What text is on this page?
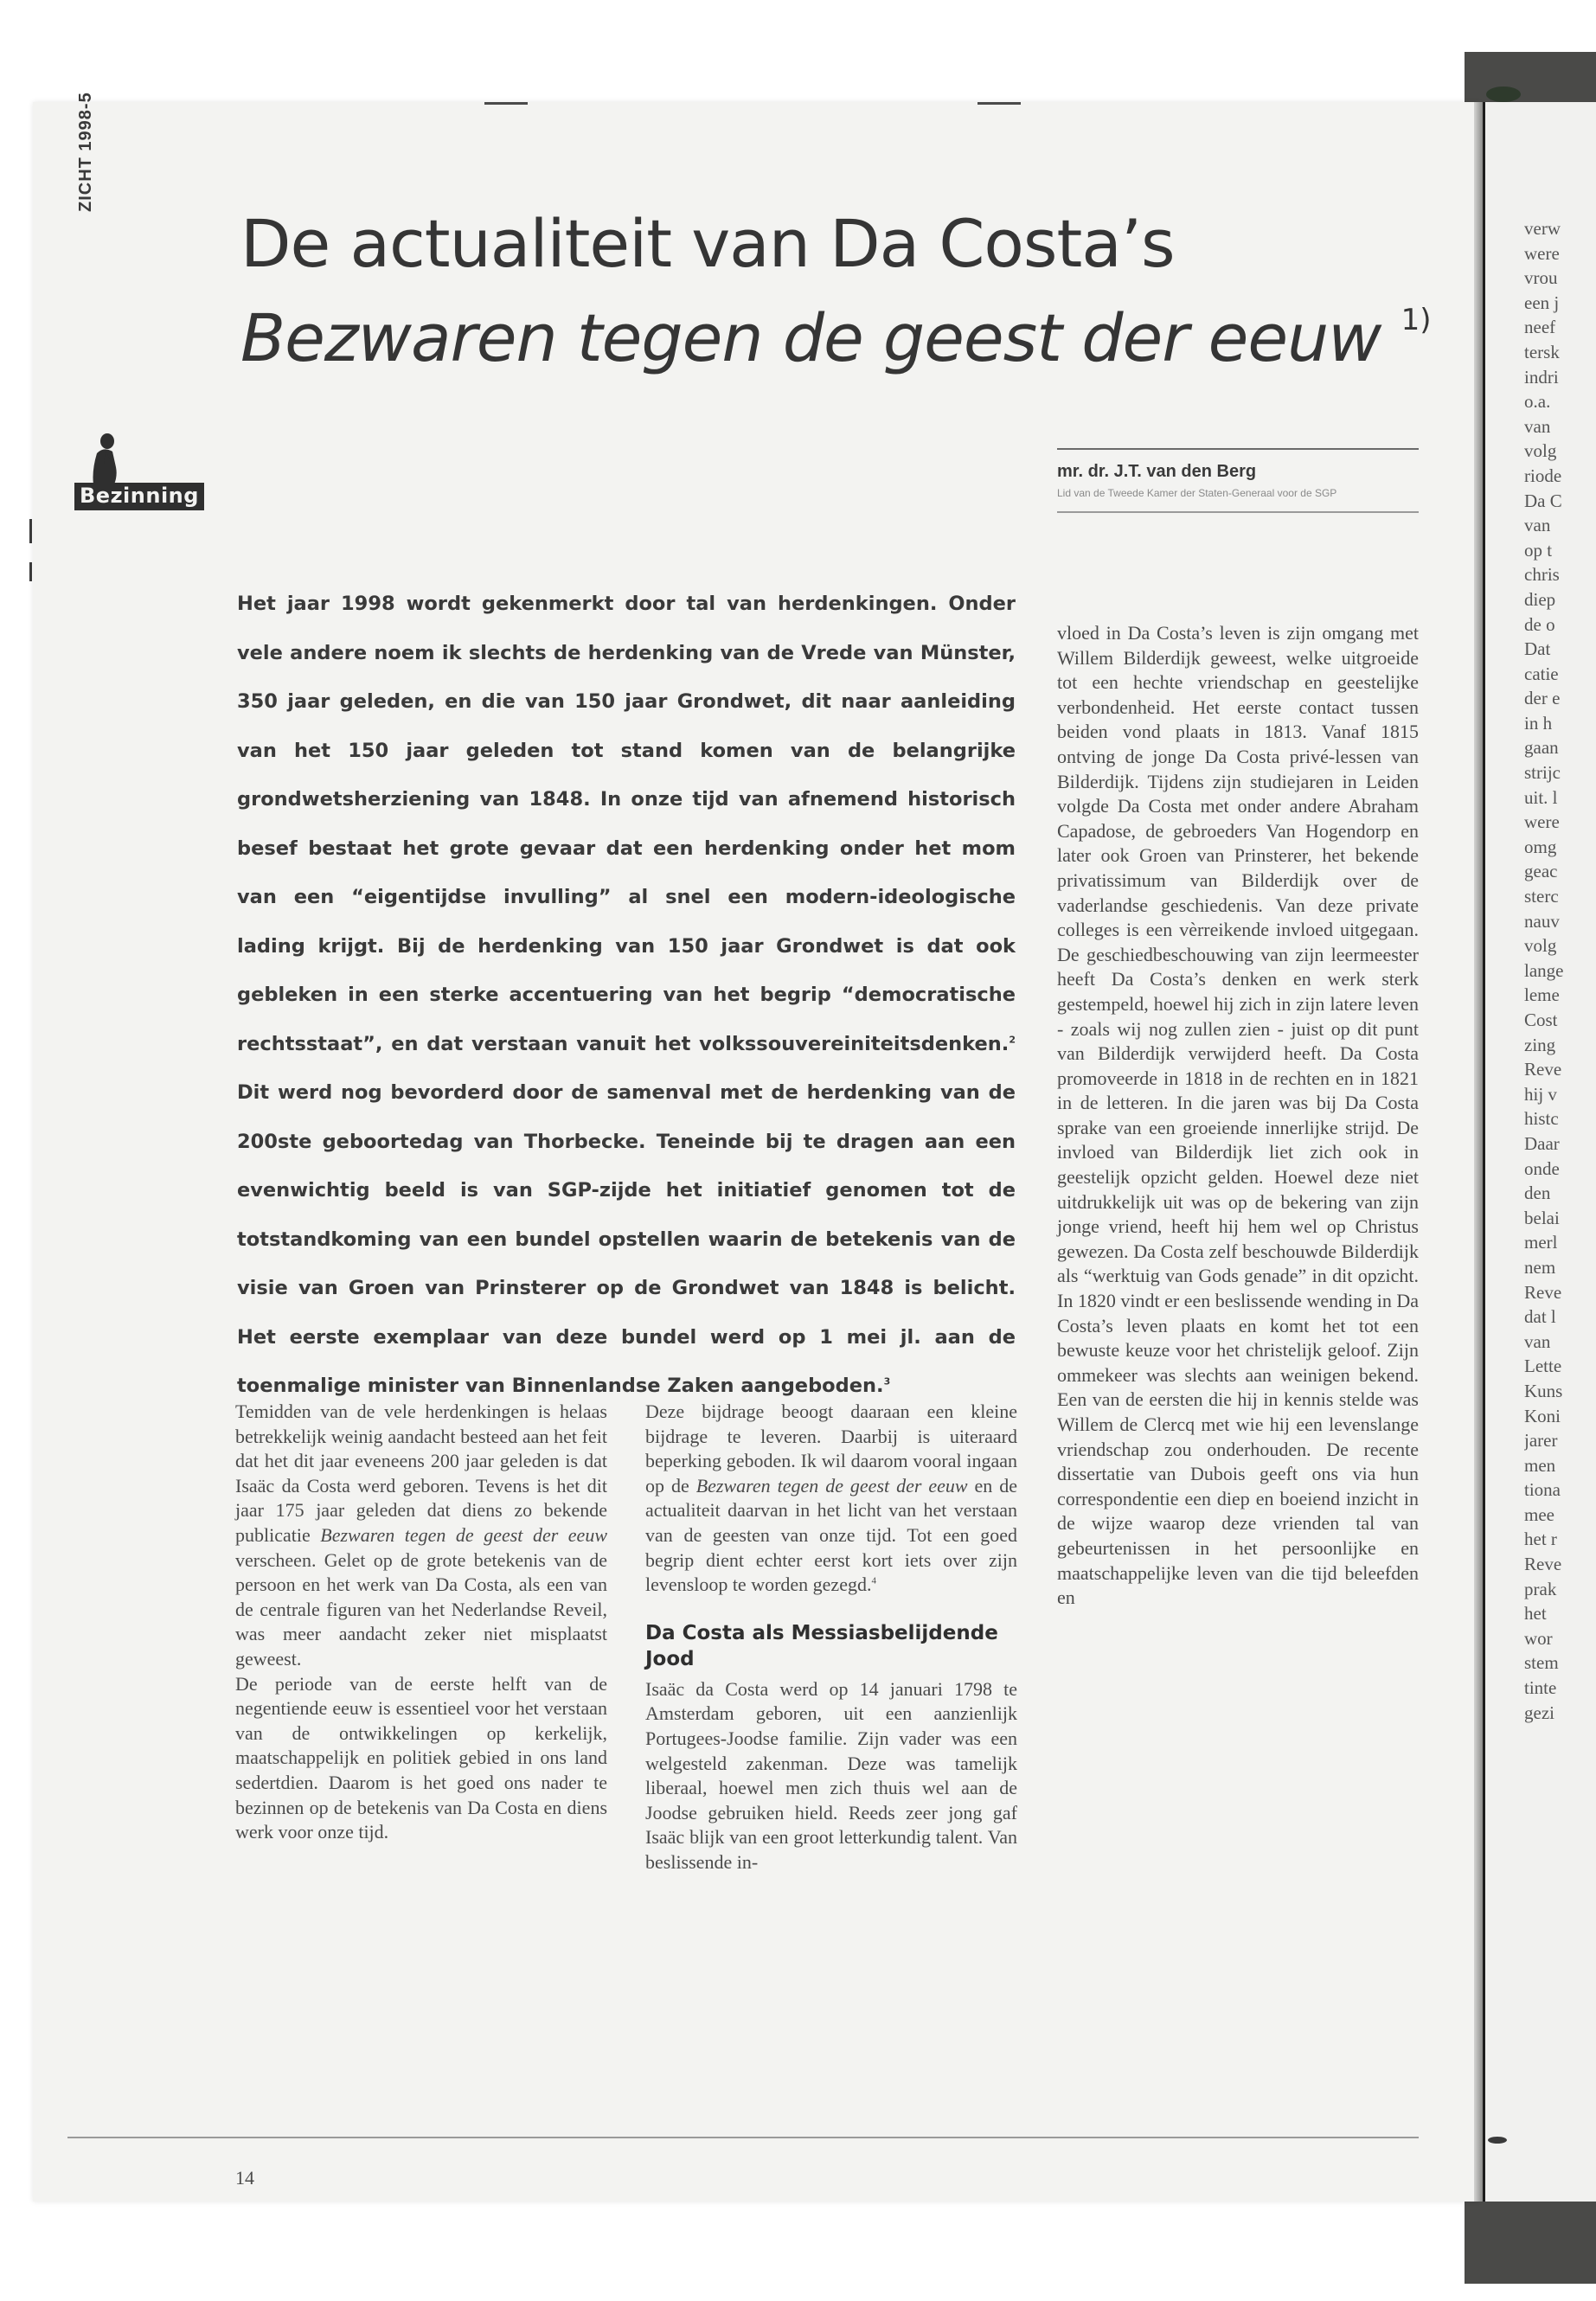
verw
were
vrou
een j
neef
tersk
indri
o.a.
van
volg
riode
Da C
van
op t
chris
diep
de o
Dat
catie
der e
in h
gaan
strijc
uit. l
were
omg
geac
sterc
nauv
volg
lange
leme
Cost
zing
Reve
hij v
histc
Daar
onde
den
belai
merl
nem
Reve
dat l
van
Lette
Kuns
Koni
jarer
men
tiona
mee
het r
Reve
prak
het
wor
stem
tinte
gezi
ZICHT 1998-5
De actualiteit van Da Costa’s
Bezwaren tegen de geest der eeuw $^{1)}$
Bezinning
mr. dr. J.T. van den Berg
Lid van de Tweede Kamer der Staten-Generaal voor de SGP

Het jaar 1998 wordt gekenmerkt door tal van herdenkingen. Onder vele andere noem ik slechts de herdenking van de Vrede van Münster, 350 jaar geleden, en die van 150 jaar Grondwet, dit naar aanleiding van het 150 jaar geleden tot stand komen van de belangrijke grondwetsherziening van 1848. In onze tijd van afnemend historisch besef bestaat het grote gevaar dat een herdenking onder het mom van een “eigentijdse invulling” al snel een modern-ideologische lading krijgt. Bij de herdenking van 150 jaar Grondwet is dat ook gebleken in een sterke accentuering van het begrip “democratische rechtsstaat”, en dat verstaan vanuit het volkssouvereiniteitsdenken.$^2$ Dit werd nog bevorderd door de samenval met de herdenking van de 200ste geboortedag van Thorbecke. Teneinde bij te dragen aan een evenwichtig beeld is van SGP-zijde het initiatief genomen tot de totstandkoming van een bundel opstellen waarin de betekenis van de visie van Groen van Prinsterer op de Grondwet van 1848 is belicht. Het eerste exemplaar van deze bundel werd op 1 mei jl. aan de toenmalige minister van Binnenlandse Zaken aangeboden.$^3$

Temidden van de vele herdenkingen is helaas betrekkelijk weinig aandacht besteed aan het feit dat het dit jaar eveneens 200 jaar geleden is dat Isaäc da Costa werd geboren. Tevens is het dit jaar 175 jaar geleden dat diens zo bekende publicatie Bezwaren tegen de geest der eeuw verscheen. Gelet op de grote betekenis van de persoon en het werk van Da Costa, als een van de centrale figuren van het Nederlandse Reveil, was meer aandacht zeker niet misplaatst geweest.

De periode van de eerste helft van de negentiende eeuw is essentieel voor het verstaan van de ontwikkelingen op kerkelijk, maatschappelijk en politiek gebied in ons land sedertdien. Daarom is het goed ons nader te bezinnen op de betekenis van Da Costa en diens werk voor onze tijd.

Deze bijdrage beoogt daaraan een kleine bijdrage te leveren. Daarbij is uiteraard beperking geboden. Ik wil daarom vooral ingaan op de Bezwaren tegen de geest der eeuw en de actualiteit daarvan in het licht van het verstaan van de geesten van onze tijd. Tot een goed begrip dient echter eerst kort iets over zijn levensloop te worden gezegd.$^4$

Da Costa als Messiasbelijdende Jood

Isaäc da Costa werd op 14 januari 1798 te Amsterdam geboren, uit een aanzienlijk Portugees-Joodse familie. Zijn vader was een welgesteld zakenman. Deze was tamelijk liberaal, hoewel men zich thuis wel aan de Joodse gebruiken hield. Reeds zeer jong gaf Isaäc blijk van een groot letterkundig talent. Van beslissende in-

vloed in Da Costa’s leven is zijn omgang met Willem Bilderdijk geweest, welke uitgroeide tot een hechte vriendschap en geestelijke verbondenheid. Het eerste contact tussen beiden vond plaats in 1813. Vanaf 1815 ontving de jonge Da Costa privé-lessen van Bilderdijk. Tijdens zijn studiejaren in Leiden volgde Da Costa met onder andere Abraham Capadose, de gebroeders Van Hogendorp en later ook Groen van Prinsterer, het bekende privatissimum van Bilderdijk over de vaderlandse geschiedenis. Van deze private colleges is een vèrreikende invloed uitgegaan. De geschiedbeschouwing van zijn leermeester heeft Da Costa’s denken en werk sterk gestempeld, hoewel hij zich in zijn latere leven - zoals wij nog zullen zien - juist op dit punt van Bilderdijk verwijderd heeft. Da Costa promoveerde in 1818 in de rechten en in 1821 in de letteren. In die jaren was bij Da Costa sprake van een groeiende innerlijke strijd. De invloed van Bilderdijk liet zich ook in geestelijk opzicht gelden. Hoewel deze niet uitdrukkelijk uit was op de bekering van zijn jonge vriend, heeft hij hem wel op Christus gewezen. Da Costa zelf beschouwde Bilderdijk als “werktuig van Gods genade” in dit opzicht. In 1820 vindt er een beslissende wending in Da Costa’s leven plaats en komt het tot een bewuste keuze voor het christelijk geloof. Zijn ommekeer was slechts aan weinigen bekend. Een van de eersten die hij in kennis stelde was Willem de Clercq met wie hij een levenslange vriendschap zou onderhouden. De recente dissertatie van Dubois geeft ons via hun correspondentie een diep en boeiend inzicht in de wijze waarop deze vrienden tal van gebeurtenissen in het persoonlijke en maatschappelijke leven van die tijd beleefden en

14
